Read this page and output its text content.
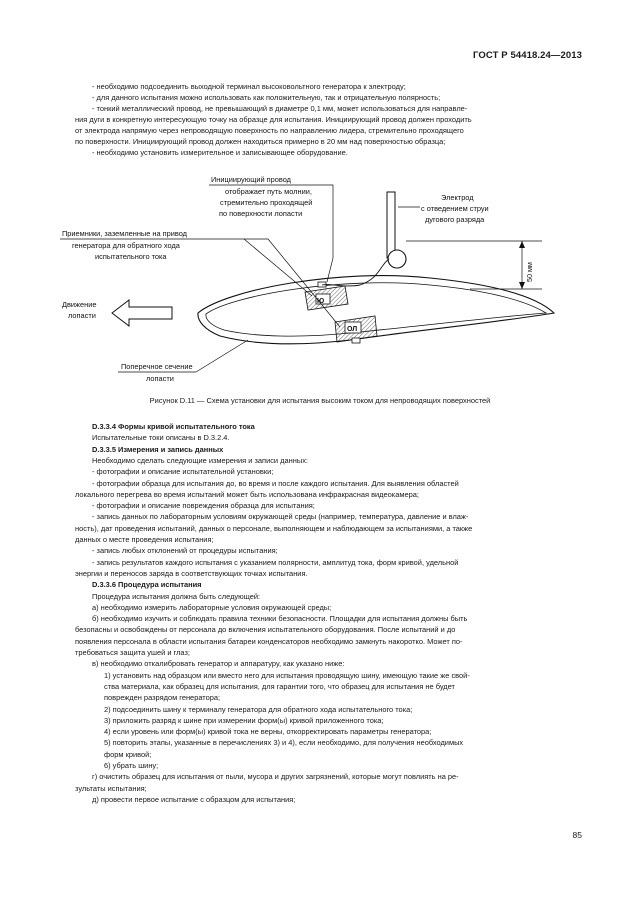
ГОСТ Р 54418.24—2013
- необходимо подсоединить выходной терминал высоковольтного генератора к электроду;
- для данного испытания можно использовать как положительную, так и отрицательную полярность;
- тонкий металлический провод, не превышающий в диаметре 0,1 мм, может использоваться для направле-
ния дуги в конкретную интересующую точку на образце для испытания. Инициирующий провод должен проходить
от электрода напрямую через непроводящую поверхность по направлению лидера, стремительно проходящего
по поверхности. Инициирующий провод должен находиться примерно в 20 мм над поверхностью образца;
- необходимо установить измерительное и записывающее оборудование.
Ю
ОЛ
50 мм
Инициирующий провод
отображает путь молнии,
стремительно проходящей
по поверхности лопасти
Электрод
с отведением струи
дугового разряда
Приемники, заземленные на привод
генератора для обратного хода
испытательного тока
Движение
лопасти
Поперечное сечение
лопасти
Рисунок D.11 — Схема установки для испытания высоким током для непроводящих поверхностей
D.3.3.4 Формы кривой испытательного тока
Испытательные токи описаны в D.3.2.4.
D.3.3.5 Измерения и запись данных
Необходимо сделать следующие измерения и записи данных:
- фотографии и описание испытательной установки;
- фотографии образца для испытания до, во время и после каждого испытания. Для выявления областей
локального перегрева во время испытаний может быть использована инфракрасная видеокамера;
- фотографии и описание повреждения образца для испытания;
- запись данных по лабораторным условиям окружающей среды (например, температура, давление и влаж-
ность), дат проведения испытаний, данных о персонале, выполняющем и наблюдающем за испытаниями, а также
данных о месте проведения испытания;
- запись любых отклонений от процедуры испытания;
- запись результатов каждого испытания с указанием полярности, амплитуд тока, форм кривой, удельной
энергии и переносов заряда в соответствующих точках испытания.
D.3.3.6 Процедура испытания
Процедура испытания должна быть следующей:
а) необходимо измерить лабораторные условия окружающей среды;
б) необходимо изучить и соблюдать правила техники безопасности. Площадки для испытания должны быть
безопасны и освобождены от персонала до включения испытательного оборудования. После испытаний и до
появления персонала в области испытания батареи конденсаторов необходимо замкнуть накоротко. Может по-
требоваться защита ушей и глаз;
в) необходимо откалибровать генератор и аппаратуру, как указано ниже:
1) установить над образцом или вместо него для испытания проводящую шину, имеющую такие же свой-
ства материала, как образец для испытания, для гарантии того, что образец для испытания не будет
поврежден разрядом генератора;
2) подсоединить шину к терминалу генератора для обратного хода испытательного тока;
3) приложить разряд к шине при измерении форм(ы) кривой приложенного тока;
4) если уровень или форм(ы) кривой тока не верны, откорректировать параметры генератора;
5) повторить этапы, указанные в перечислениях 3) и 4), если необходимо, для получения необходимых
форм кривой;
6) убрать шину;
г) очистить образец для испытания от пыли, мусора и других загрязнений, которые могут повлиять на ре-
зультаты испытания;
д) провести первое испытание с образцом для испытания;
85
